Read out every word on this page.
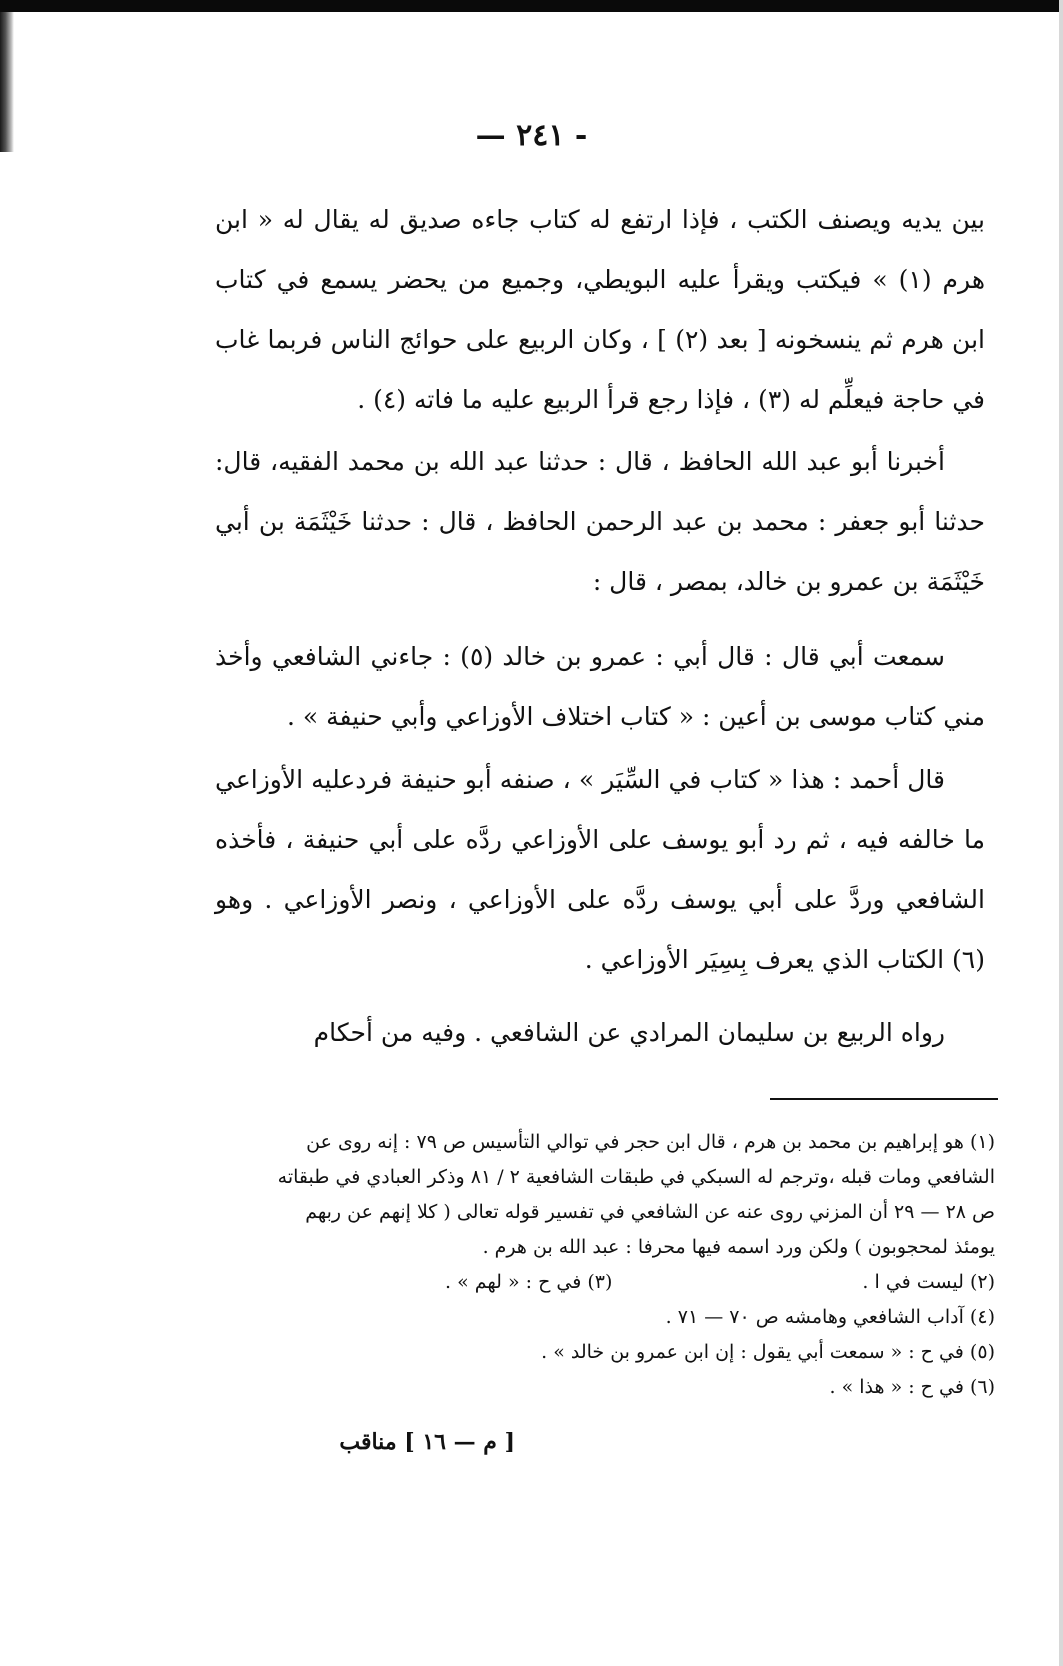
— ٢٤١ -

بين يديه ويصنف الكتب ، فإذا ارتفع له كتاب جاءه صديق له يقال له « ابن هرم (١) » فيكتب ويقرأ عليه البويطي، وجميع من يحضر يسمع في كتاب ابن هرم ثم ينسخونه [ بعد (٢) ] ، وكان الربيع على حوائج الناس فربما غاب في حاجة فيعلِّم له (٣) ، فإذا رجع قرأ الربيع عليه ما فاته (٤) .

أخبرنا أبو عبد الله الحافظ ، قال : حدثنا عبد الله بن محمد الفقيه، قال: حدثنا أبو جعفر : محمد بن عبد الرحمن الحافظ ، قال : حدثنا خَيْثَمَة بن أبي خَيْثَمَة بن عمرو بن خالد، بمصر ، قال :

سمعت أبي قال : قال أبي : عمرو بن خالد (٥) : جاءني الشافعي وأخذ مني كتاب موسى بن أعين : « كتاب اختلاف الأوزاعي وأبي حنيفة » .

قال أحمد : هذا « كتاب في السِّيَر » ، صنفه أبو حنيفة فردعليه الأوزاعي ما خالفه فيه ، ثم رد أبو يوسف على الأوزاعي ردَّه على أبي حنيفة ، فأخذه الشافعي وردَّ على أبي يوسف ردَّه على الأوزاعي ، ونصر الأوزاعي . وهو (٦) الكتاب الذي يعرف بِسِيَر الأوزاعي .

رواه الربيع بن سليمان المرادي عن الشافعي . وفيه من أحكام

(١) هو إبراهيم بن محمد بن هرم ، قال ابن حجر في توالي التأسيس ص ٧٩ : إنه روى عن
الشافعي ومات قبله ،وترجم له السبكي في طبقات الشافعية ٢ / ٨١ وذكر العبادي في طبقاته
ص ٢٨ — ٢٩ أن المزني روى عنه عن الشافعي في تفسير قوله تعالى ( كلا إنهم عن ربهم
يومئذ لمحجوبون ) ولكن ورد اسمه فيها محرفا : عبد الله بن هرم .
(٢) ليست في ا .
(٣) في ح : « لهم » .
(٤) آداب الشافعي وهامشه ص ٧٠ — ٧١ .
(٥) في ح : « سمعت أبي يقول : إن ابن عمرو بن خالد » .
(٦) في ح : « هذا » .
[ م — ١٦ ] مناقب
